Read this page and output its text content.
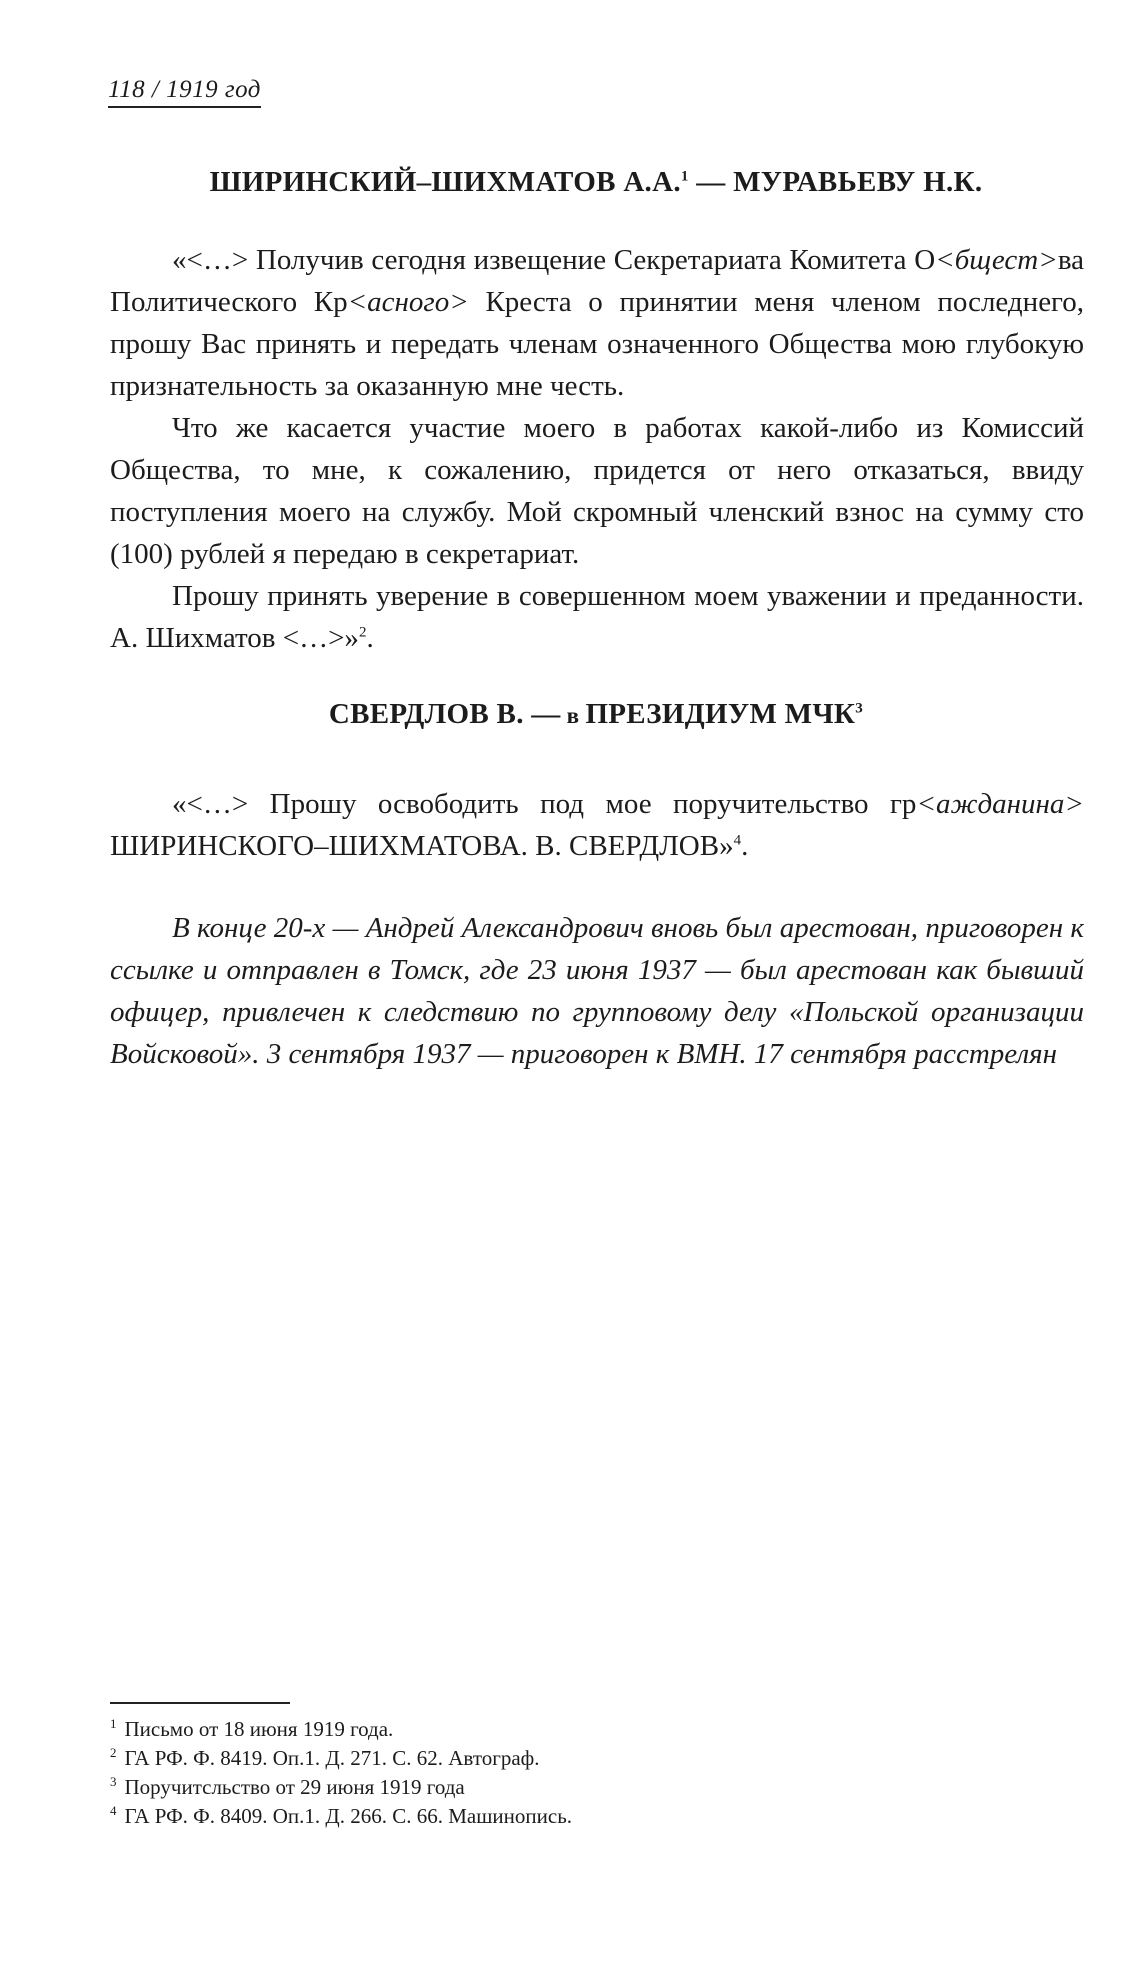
118 / 1919 год
ШИРИНСКИЙ–ШИХМАТОВ А.А.$^1$ — МУРАВЬЕВУ Н.К.

«<…> Получив сегодня извещение Секретариата Комитета О<бщест>ва Политического Кр<асного> Креста о принятии меня членом последнего, прошу Вас принять и передать членам означенного Общества мою глубокую признательность за оказанную мне честь.

Что же касается участие моего в работах какой-либо из Комиссий Общества, то мне, к сожалению, придется от него отказаться, ввиду поступления моего на службу. Мой скромный членский взнос на сумму сто (100) рублей я передаю в секретариат.

Прошу принять уверение в совершенном моем уважении и преданности. А. Шихматов <…>»$^2$.

СВЕРДЛОВ В. — в ПРЕЗИДИУМ МЧК$^3$

«<…> Прошу освободить под мое поручительство гр<ажданина> ШИРИНСКОГО–ШИХМАТОВА. В. СВЕРДЛОВ»$^4$.

В конце 20-х — Андрей Александрович вновь был арестован, приговорен к ссылке и отправлен в Томск, где 23 июня 1937 — был арестован как бывший офицер, привлечен к следствию по групповому делу «Польской организации Войсковой». 3 сентября 1937 — приговорен к ВМН. 17 сентября расстрелян

$^1$ Письмо от 18 июня 1919 года.
$^2$ ГА РФ. Ф. 8419. Оп.1. Д. 271. С. 62. Автограф.
$^3$ Поручитсльство от 29 июня 1919 года
$^4$ ГА РФ. Ф. 8409. Оп.1. Д. 266. С. 66. Машинопись.
